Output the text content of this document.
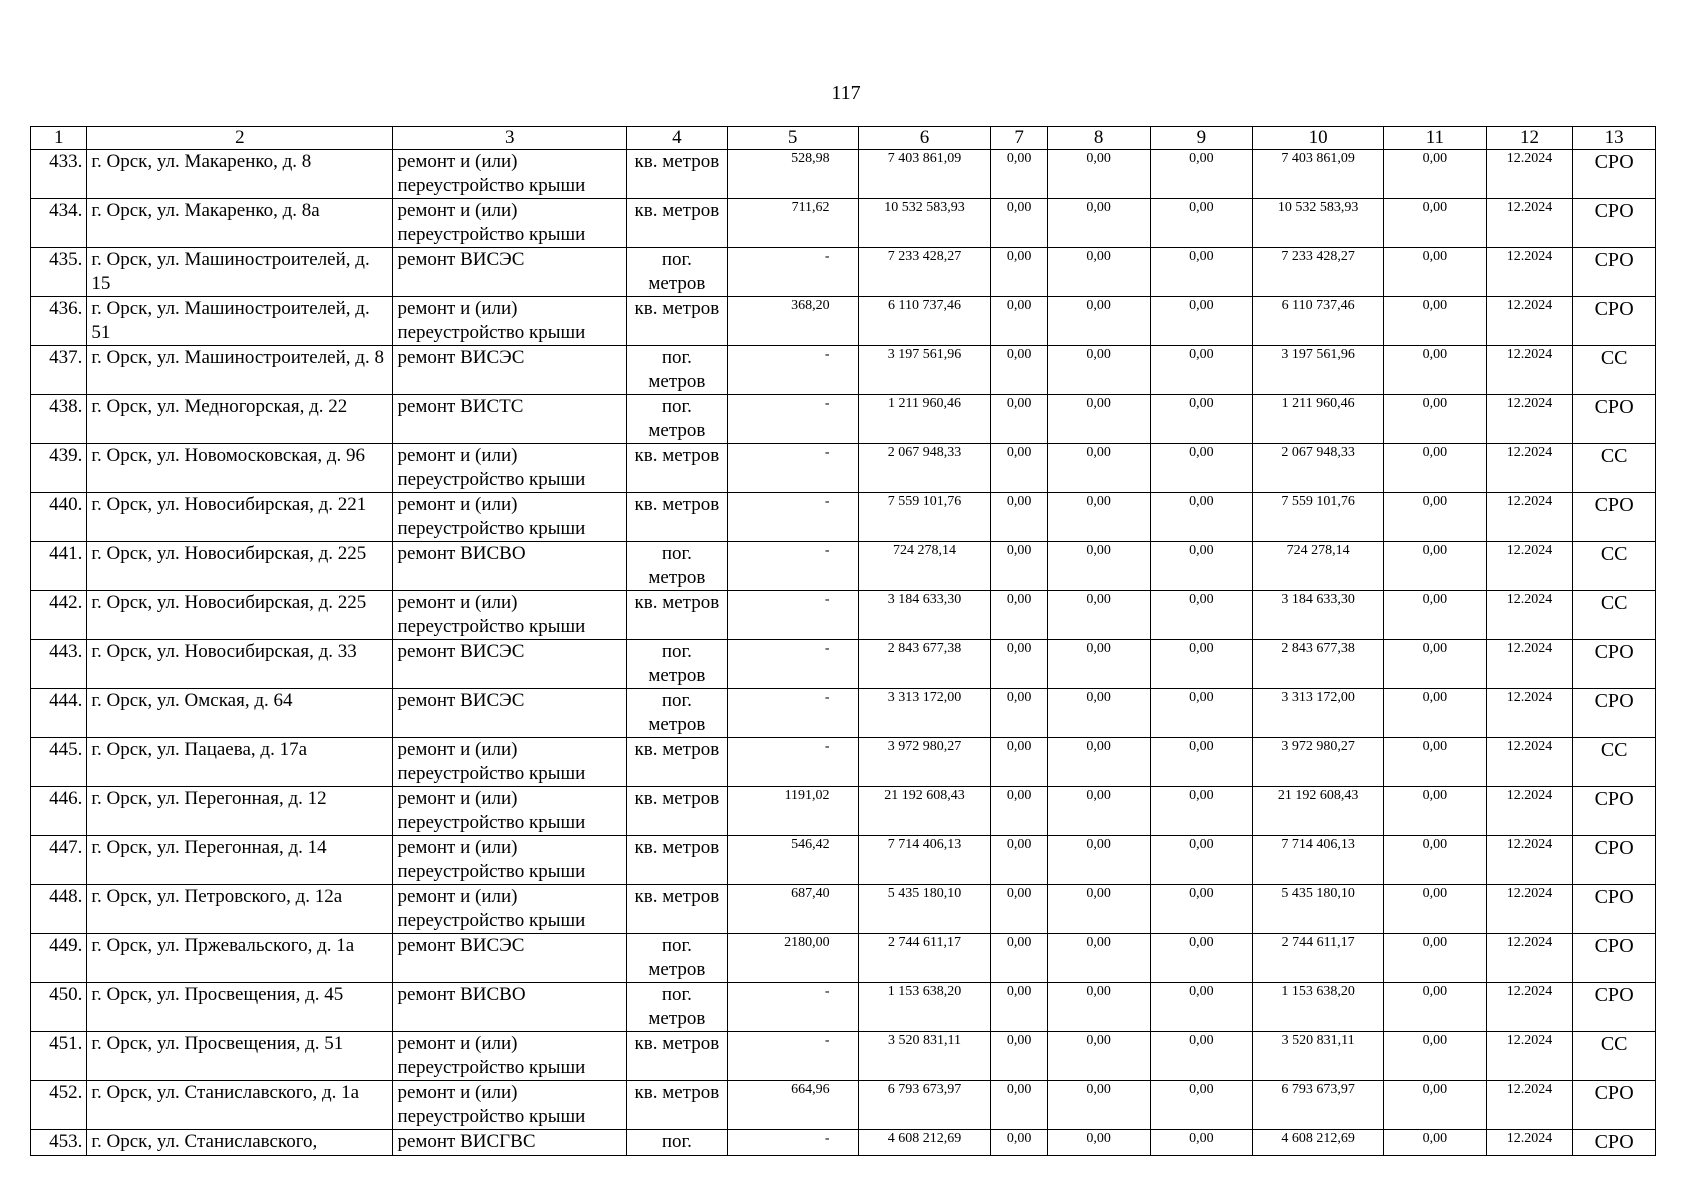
117
1	2	3	4	5	6	7	8	9	10	11	12	13
433.	г. Орск, ул. Макаренко, д. 8	ремонт и (или) переустройство крыши	кв. метров	528,98	7 403 861,09	0,00	0,00	0,00	7 403 861,09	0,00	12.2024	СРО
434.	г. Орск, ул. Макаренко, д. 8а	ремонт и (или) переустройство крыши	кв. метров	711,62	10 532 583,93	0,00	0,00	0,00	10 532 583,93	0,00	12.2024	СРО
435.	г. Орск, ул. Машиностроителей, д. 15	ремонт ВИСЭС	пог. метров	-	7 233 428,27	0,00	0,00	0,00	7 233 428,27	0,00	12.2024	СРО
436.	г. Орск, ул. Машиностроителей, д. 51	ремонт и (или) переустройство крыши	кв. метров	368,20	6 110 737,46	0,00	0,00	0,00	6 110 737,46	0,00	12.2024	СРО
437.	г. Орск, ул. Машиностроителей, д. 8	ремонт ВИСЭС	пог. метров	-	3 197 561,96	0,00	0,00	0,00	3 197 561,96	0,00	12.2024	СС
438.	г. Орск, ул. Медногорская, д. 22	ремонт ВИСТС	пог. метров	-	1 211 960,46	0,00	0,00	0,00	1 211 960,46	0,00	12.2024	СРО
439.	г. Орск, ул. Новомосковская, д. 96	ремонт и (или) переустройство крыши	кв. метров	-	2 067 948,33	0,00	0,00	0,00	2 067 948,33	0,00	12.2024	СС
440.	г. Орск, ул. Новосибирская, д. 221	ремонт и (или) переустройство крыши	кв. метров	-	7 559 101,76	0,00	0,00	0,00	7 559 101,76	0,00	12.2024	СРО
441.	г. Орск, ул. Новосибирская, д. 225	ремонт ВИСВО	пог. метров	-	724 278,14	0,00	0,00	0,00	724 278,14	0,00	12.2024	СС
442.	г. Орск, ул. Новосибирская, д. 225	ремонт и (или) переустройство крыши	кв. метров	-	3 184 633,30	0,00	0,00	0,00	3 184 633,30	0,00	12.2024	СС
443.	г. Орск, ул. Новосибирская, д. 33	ремонт ВИСЭС	пог. метров	-	2 843 677,38	0,00	0,00	0,00	2 843 677,38	0,00	12.2024	СРО
444.	г. Орск, ул. Омская, д. 64	ремонт ВИСЭС	пог. метров	-	3 313 172,00	0,00	0,00	0,00	3 313 172,00	0,00	12.2024	СРО
445.	г. Орск, ул. Пацаева, д. 17а	ремонт и (или) переустройство крыши	кв. метров	-	3 972 980,27	0,00	0,00	0,00	3 972 980,27	0,00	12.2024	СС
446.	г. Орск, ул. Перегонная, д. 12	ремонт и (или) переустройство крыши	кв. метров	1191,02	21 192 608,43	0,00	0,00	0,00	21 192 608,43	0,00	12.2024	СРО
447.	г. Орск, ул. Перегонная, д. 14	ремонт и (или) переустройство крыши	кв. метров	546,42	7 714 406,13	0,00	0,00	0,00	7 714 406,13	0,00	12.2024	СРО
448.	г. Орск, ул. Петровского, д. 12а	ремонт и (или) переустройство крыши	кв. метров	687,40	5 435 180,10	0,00	0,00	0,00	5 435 180,10	0,00	12.2024	СРО
449.	г. Орск, ул. Пржевальского, д. 1а	ремонт ВИСЭС	пог. метров	2180,00	2 744 611,17	0,00	0,00	0,00	2 744 611,17	0,00	12.2024	СРО
450.	г. Орск, ул. Просвещения, д. 45	ремонт ВИСВО	пог. метров	-	1 153 638,20	0,00	0,00	0,00	1 153 638,20	0,00	12.2024	СРО
451.	г. Орск, ул. Просвещения, д. 51	ремонт и (или) переустройство крыши	кв. метров	-	3 520 831,11	0,00	0,00	0,00	3 520 831,11	0,00	12.2024	СС
452.	г. Орск, ул. Станиславского, д. 1а	ремонт и (или) переустройство крыши	кв. метров	664,96	6 793 673,97	0,00	0,00	0,00	6 793 673,97	0,00	12.2024	СРО
453.	г. Орск, ул. Станиславского,	ремонт ВИСГВС	пог.	-	4 608 212,69	0,00	0,00	0,00	4 608 212,69	0,00	12.2024	СРО
